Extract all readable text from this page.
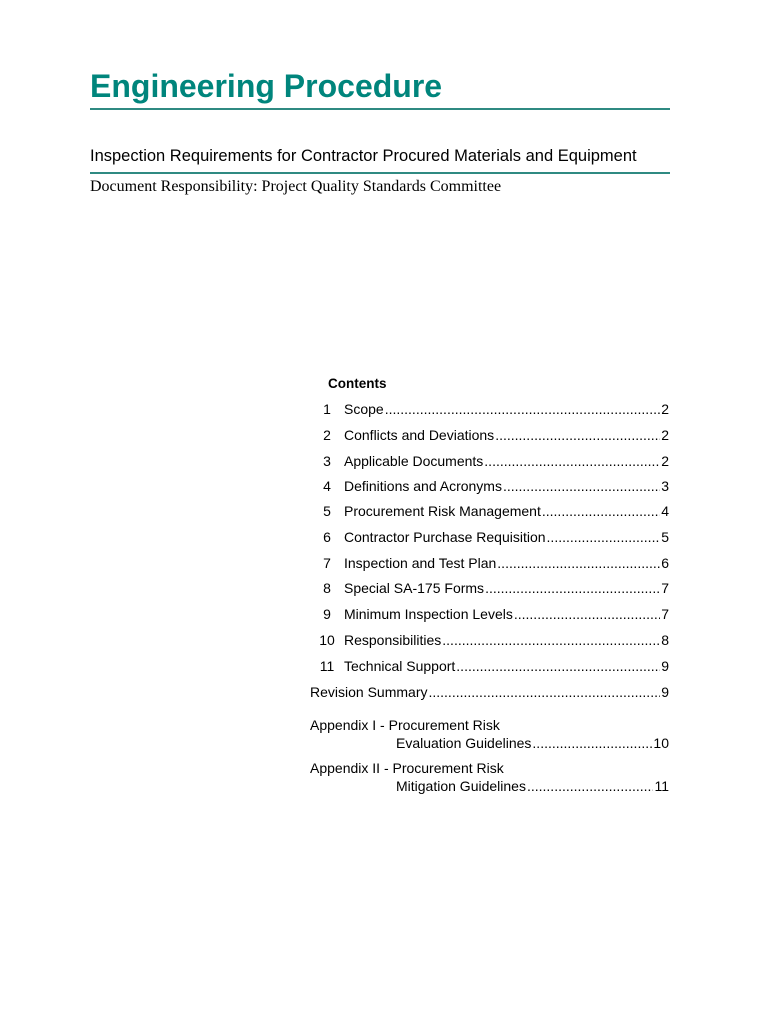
Engineering Procedure
Inspection Requirements for Contractor Procured Materials and Equipment
Document Responsibility: Project Quality Standards Committee
Contents
1 Scope .....	2
2 Conflicts and Deviations .....	2
3 Applicable Documents .....	2
4 Definitions and Acronyms .....	3
5 Procurement Risk Management .....	4
6 Contractor Purchase Requisition .....	5
7 Inspection and Test Plan .....	6
8 Special SA-175 Forms .....	7
9 Minimum Inspection Levels .....	7
10 Responsibilities .....	8
11 Technical Support .....	9
Revision Summary .....	9
Appendix I - Procurement Risk
Evaluation Guidelines .....	10
Appendix II - Procurement Risk
Mitigation Guidelines .....	11
